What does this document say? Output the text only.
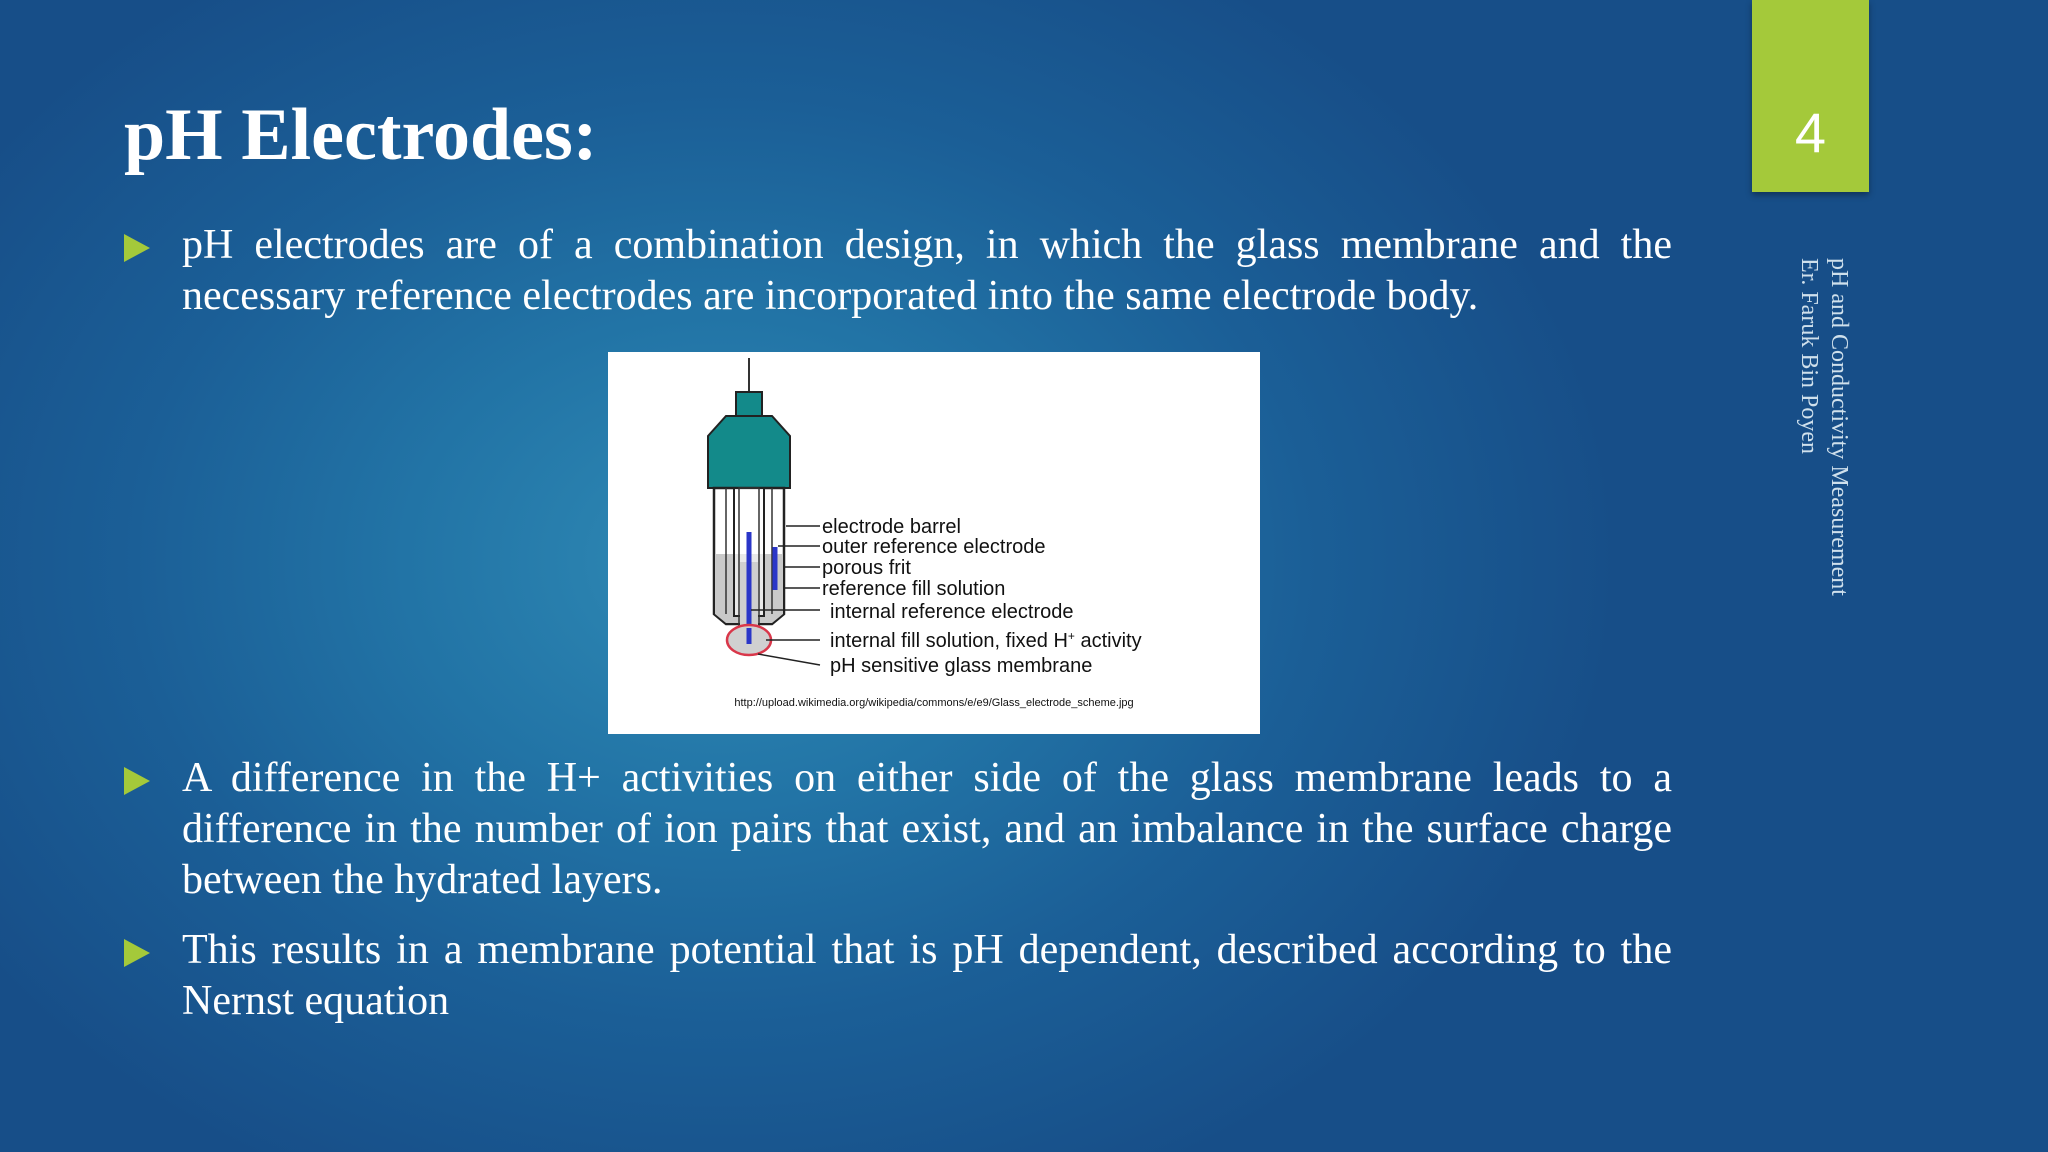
4
pH and Conductivity Measurement
Er. Faruk Bin Poyen
pH Electrodes:
pH electrodes are of a combination design, in which the glass membrane and the necessary reference electrodes are incorporated into the same electrode body.
electrode barrel
outer reference electrode
porous frit
reference fill solution
internal reference electrode
internal fill solution, fixed H+ activity
pH sensitive glass membrane
http://upload.wikimedia.org/wikipedia/commons/e/e9/Glass_electrode_scheme.jpg
A difference in the H+ activities on either side of the glass membrane leads to a difference in the number of ion pairs that exist, and an imbalance in the surface charge between the hydrated layers.
This results in a membrane potential that is pH dependent, described according to the Nernst equation
